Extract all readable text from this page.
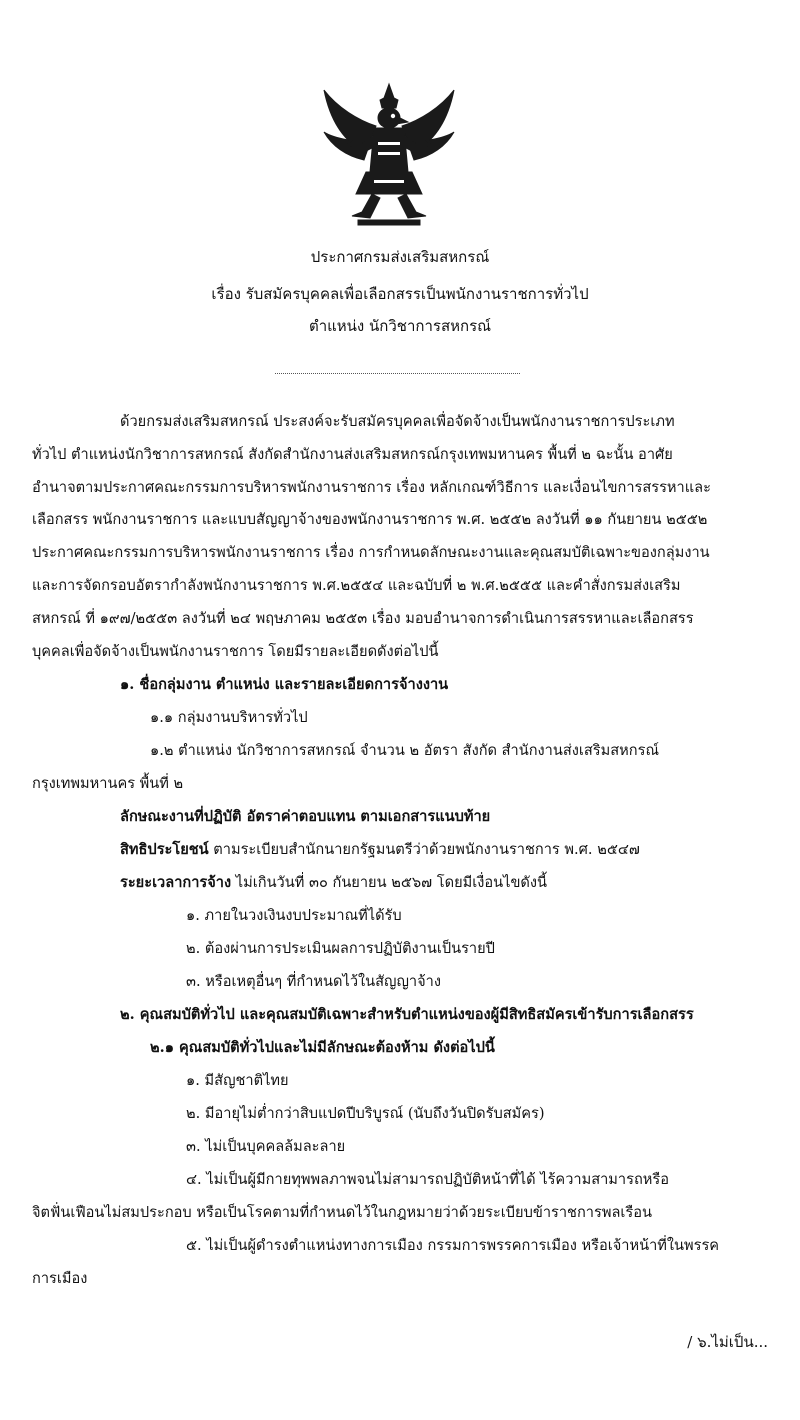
ประกาศกรมส่งเสริมสหกรณ์
เรื่อง รับสมัครบุคคลเพื่อเลือกสรรเป็นพนักงานราชการทั่วไป
ตำแหน่ง นักวิชาการสหกรณ์
ด้วยกรมส่งเสริมสหกรณ์ ประสงค์จะรับสมัครบุคคลเพื่อจัดจ้างเป็นพนักงานราชการประเภท
ทั่วไป ตำแหน่งนักวิชาการสหกรณ์ สังกัดสำนักงานส่งเสริมสหกรณ์กรุงเทพมหานคร พื้นที่ ๒ ฉะนั้น อาศัย
อำนาจตามประกาศคณะกรรมการบริหารพนักงานราชการ เรื่อง หลักเกณฑ์วิธีการ และเงื่อนไขการสรรหาและ
เลือกสรร พนักงานราชการ และแบบสัญญาจ้างของพนักงานราชการ พ.ศ. ๒๕๕๒ ลงวันที่ ๑๑ กันยายน ๒๕๕๒
ประกาศคณะกรรมการบริหารพนักงานราชการ เรื่อง การกำหนดลักษณะงานและคุณสมบัติเฉพาะของกลุ่มงาน
และการจัดกรอบอัตรากำลังพนักงานราชการ พ.ศ.๒๕๕๔ และฉบับที่ ๒ พ.ศ.๒๕๕๕ และคำสั่งกรมส่งเสริม
สหกรณ์ ที่ ๑๙๗/๒๕๕๓ ลงวันที่ ๒๔ พฤษภาคม ๒๕๕๓ เรื่อง มอบอำนาจการดำเนินการสรรหาและเลือกสรร
บุคคลเพื่อจัดจ้างเป็นพนักงานราชการ โดยมีรายละเอียดดังต่อไปนี้
๑. ชื่อกลุ่มงาน ตำแหน่ง และรายละเอียดการจ้างงาน
๑.๑ กลุ่มงานบริหารทั่วไป
๑.๒ ตำแหน่ง นักวิชาการสหกรณ์ จำนวน ๒ อัตรา สังกัด สำนักงานส่งเสริมสหกรณ์
กรุงเทพมหานคร พื้นที่ ๒
ลักษณะงานที่ปฏิบัติ อัตราค่าตอบแทน ตามเอกสารแนบท้าย
สิทธิประโยชน์ ตามระเบียบสำนักนายกรัฐมนตรีว่าด้วยพนักงานราชการ พ.ศ. ๒๕๔๗
ระยะเวลาการจ้าง ไม่เกินวันที่ ๓๐ กันยายน ๒๕๖๗ โดยมีเงื่อนไขดังนี้
๑. ภายในวงเงินงบประมาณที่ได้รับ
๒. ต้องผ่านการประเมินผลการปฏิบัติงานเป็นรายปี
๓. หรือเหตุอื่นๆ ที่กำหนดไว้ในสัญญาจ้าง
๒. คุณสมบัติทั่วไป และคุณสมบัติเฉพาะสำหรับตำแหน่งของผู้มีสิทธิสมัครเข้ารับการเลือกสรร
๒.๑ คุณสมบัติทั่วไปและไม่มีลักษณะต้องห้าม ดังต่อไปนี้
๑. มีสัญชาติไทย
๒. มีอายุไม่ต่ำกว่าสิบแปดปีบริบูรณ์ (นับถึงวันปิดรับสมัคร)
๓. ไม่เป็นบุคคลล้มละลาย
๔. ไม่เป็นผู้มีกายทุพพลภาพจนไม่สามารถปฏิบัติหน้าที่ได้ ไร้ความสามารถหรือ
จิตฟั่นเฟือนไม่สมประกอบ หรือเป็นโรคตามที่กำหนดไว้ในกฎหมายว่าด้วยระเบียบข้าราชการพลเรือน
๕. ไม่เป็นผู้ดำรงตำแหน่งทางการเมือง กรรมการพรรคการเมือง หรือเจ้าหน้าที่ในพรรค
การเมือง
/ ๖.ไม่เป็น...
